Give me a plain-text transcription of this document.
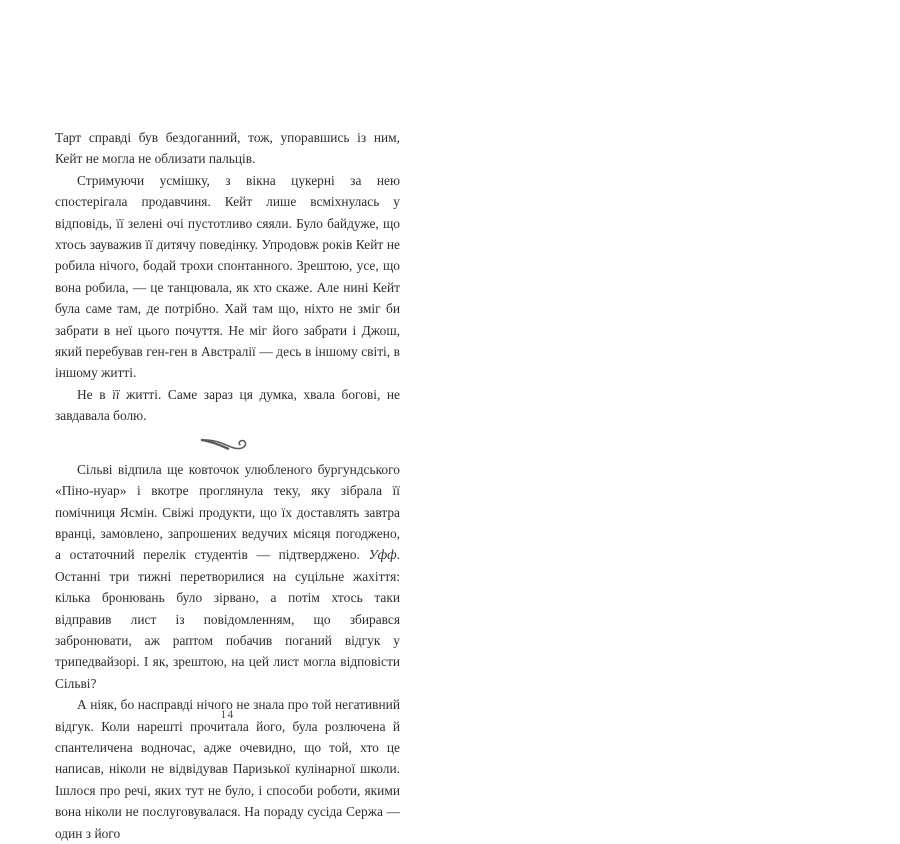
Тарт справді був бездоганний, тож, упоравшись із ним, Кейт не могла не облизати пальців.

Стримуючи усмішку, з вікна цукерні за нею спостерігала продавчиня. Кейт лише всміхнулась у відповідь, її зелені очі пустотливо сяяли. Було байдуже, що хтось зауважив її дитячу поведінку. Упродовж років Кейт не робила нічого, бодай трохи спонтанного. Зрештою, усе, що вона робила, — це танцювала, як хто скаже. Але нині Кейт була саме там, де потрібно. Хай там що, ніхто не зміг би забрати в неї цього почуття. Не міг його забрати і Джош, який перебував ген-ген в Австралії — десь в іншому світі, в іншому житті.

Не в її житті. Саме зараз ця думка, хвала богові, не завдавала болю.

Сільві відпила ще ковточок улюбленого бургундського «Піно-нуар» і вкотре проглянула теку, яку зібрала її помічниця Ясмін. Свіжі продукти, що їх доставлять завтра вранці, замовлено, запрошених ведучих місяця погоджено, а остаточний перелік студентів — підтверджено. Уфф. Останні три тижні перетворилися на суцільне жахіття: кілька бронювань було зірвано, а потім хтось таки відправив лист із повідомленням, що збирався забронювати, аж раптом побачив поганий відгук у трипедвайзорі. І як, зрештою, на цей лист могла відповісти Сільві?

А ніяк, бо насправді нічого не знала про той негативний відгук. Коли нарешті прочитала його, була розлючена й спантеличена водночас, адже очевидно, що той, хто це написав, ніколи не відвідував Паризької кулінарної школи. Ішлося про речі, яких тут не було, і способи роботи, якими вона ніколи не послуговувалася. На пораду сусіда Сержа — один з його

14
